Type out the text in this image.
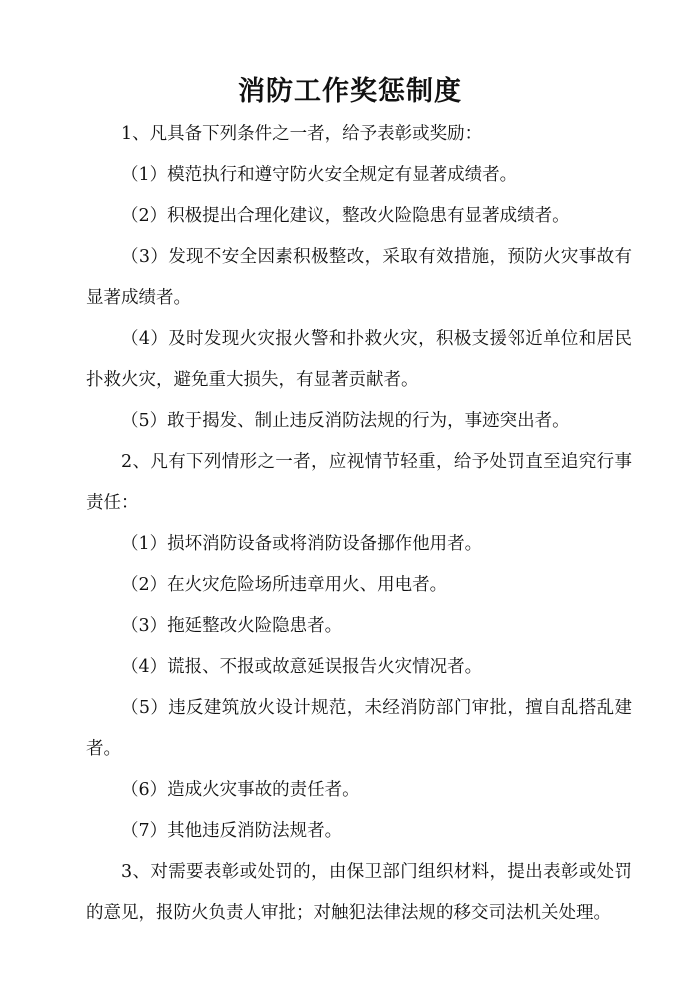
消防工作奖惩制度

1、凡具备下列条件之一者，给予表彰或奖励：

（1）模范执行和遵守防火安全规定有显著成绩者。

（2）积极提出合理化建议，整改火险隐患有显著成绩者。

（3）发现不安全因素积极整改，采取有效措施，预防火灾事故有显著成绩者。

（4）及时发现火灾报火警和扑救火灾，积极支援邻近单位和居民扑救火灾，避免重大损失，有显著贡献者。

（5）敢于揭发、制止违反消防法规的行为，事迹突出者。

2、凡有下列情形之一者，应视情节轻重，给予处罚直至追究行事责任：

（1）损坏消防设备或将消防设备挪作他用者。

（2）在火灾危险场所违章用火、用电者。

（3）拖延整改火险隐患者。

（4）谎报、不报或故意延误报告火灾情况者。

（5）违反建筑放火设计规范，未经消防部门审批，擅自乱搭乱建者。

（6）造成火灾事故的责任者。

（7）其他违反消防法规者。

3、对需要表彰或处罚的，由保卫部门组织材料，提出表彰或处罚的意见，报防火负责人审批；对触犯法律法规的移交司法机关处理。
